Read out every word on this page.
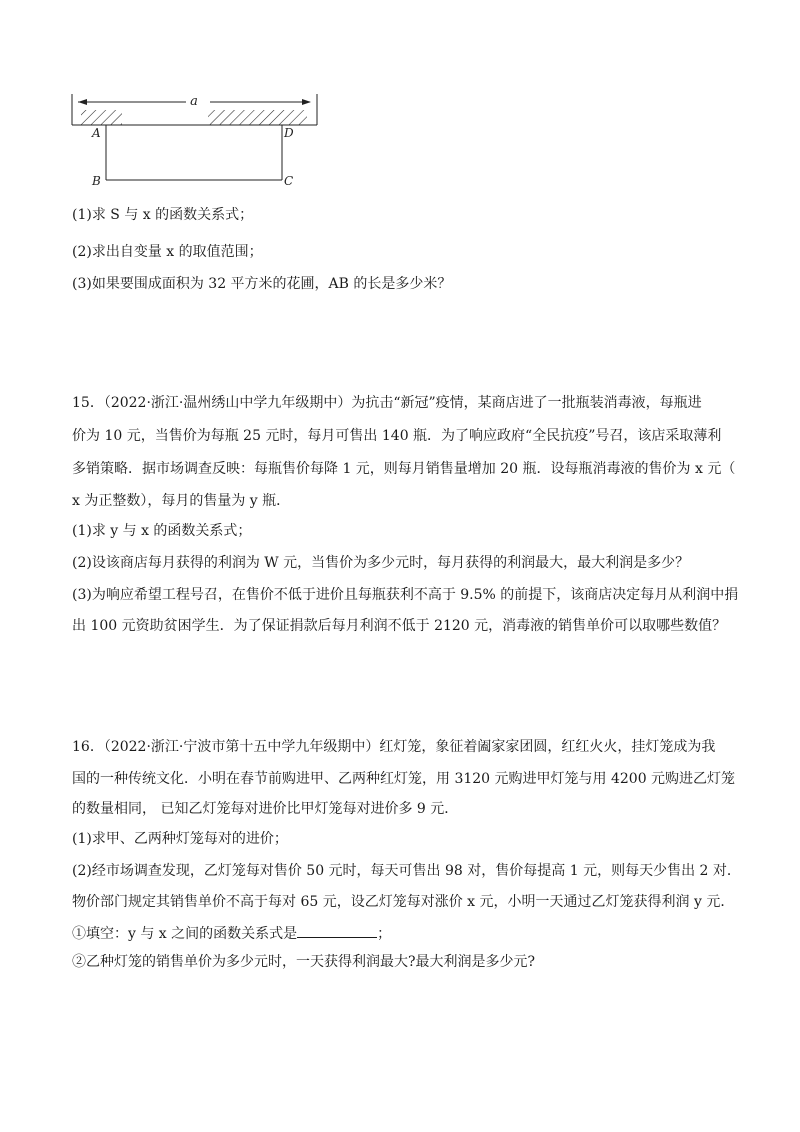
a
A
B	C
D
(1)求 S 与 x 的函数关系式；
(2)求出自变量 x 的取值范围；
(3)如果要围成面积为 32 平方米的花圃，AB 的长是多少米？
15．（2022·浙江·温州绣山中学九年级期中）为抗击“新冠”疫情，某商店进了一批瓶装消毒液，每瓶进
价为 10 元，当售价为每瓶 25 元时，每月可售出 140 瓶．为了响应政府“全民抗疫”号召，该店采取薄利
多销策略．据市场调查反映：每瓶售价每降 1 元，则每月销售量增加 20 瓶．设每瓶消毒液的售价为 x 元（
x 为正整数），每月的售量为 y 瓶．
(1)求 y 与 x 的函数关系式；
(2)设该商店每月获得的利润为 W 元，当售价为多少元时，每月获得的利润最大，最大利润是多少？
(3)为响应希望工程号召，在售价不低于进价且每瓶获利不高于 9.5% 的前提下，该商店决定每月从利润中捐
出 100 元资助贫困学生．为了保证捐款后每月利润不低于 2120 元，消毒液的销售单价可以取哪些数值？
16．（2022·浙江·宁波市第十五中学九年级期中）红灯笼，象征着阖家家团圆，红红火火，挂灯笼成为我
国的一种传统文化．小明在春节前购进甲、乙两种红灯笼，用 3120 元购进甲灯笼与用 4200 元购进乙灯笼
的数量相同， 已知乙灯笼每对进价比甲灯笼每对进价多 9 元．
(1)求甲、乙两种灯笼每对的进价；
(2)经市场调查发现，乙灯笼每对售价 50 元时，每天可售出 98 对，售价每提高 1 元，则每天少售出 2 对．
物价部门规定其销售单价不高于每对 65 元，设乙灯笼每对涨价 x 元，小明一天通过乙灯笼获得利润 y 元．
①填空：y 与 x 之间的函数关系式是	；
②乙种灯笼的销售单价为多少元时，一天获得利润最大?最大利润是多少元?
